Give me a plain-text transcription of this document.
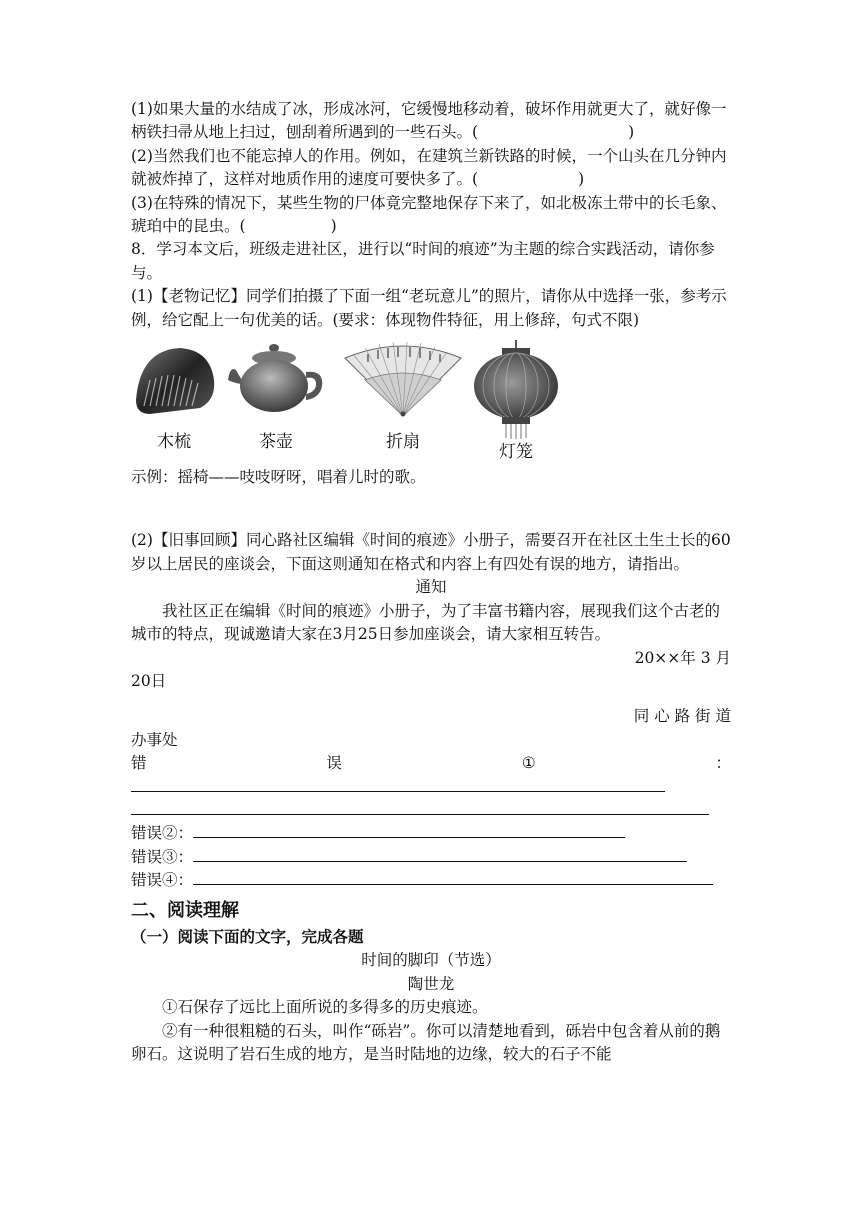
(1)如果大量的水结成了冰，形成冰河，它缓慢地移动着，破坏作用就更大了，就好像一柄铁扫帚从地上扫过，刨刮着所遇到的一些石头。(	)

(2)当然我们也不能忘掉人的作用。例如，在建筑兰新铁路的时候，一个山头在几分钟内就被炸掉了，这样对地质作用的速度可要快多了。(	)

(3)在特殊的情况下，某些生物的尸体竟完整地保存下来了，如北极冻土带中的长毛象、琥珀中的昆虫。(	)

8．学习本文后，班级走进社区，进行以“时间的痕迹”为主题的综合实践活动，请你参与。

(1)【老物记忆】同学们拍摄了下面一组“老玩意儿”的照片，请你从中选择一张，参考示例，给它配上一句优美的话。(要求：体现物件特征，用上修辞，句式不限)

木梳	茶壶	折扇	灯笼

示例：摇椅——吱吱呀呀，唱着儿时的歌。

(2)【旧事回顾】同心路社区编辑《时间的痕迹》小册子，需要召开在社区土生土长的60岁以上居民的座谈会，下面这则通知在格式和内容上有四处有误的地方，请指出。

通知

我社区正在编辑《时间的痕迹》小册子，为了丰富书籍内容，展现我们这个古老的城市的特点，现诚邀请大家在3月25日参加座谈会，请大家相互转告。

20××年 3 月

20日

同 心 路 街 道

办事处

错	误	①	：
错误②：
错误③：
错误④：
二、阅读理解
（一）阅读下面的文字，完成各题

时间的脚印（节选）

陶世龙

①石保存了远比上面所说的多得多的历史痕迹。

②有一种很粗糙的石头，叫作“砾岩”。你可以清楚地看到，砾岩中包含着从前的鹅卵石。这说明了岩石生成的地方，是当时陆地的边缘，较大的石子不能
